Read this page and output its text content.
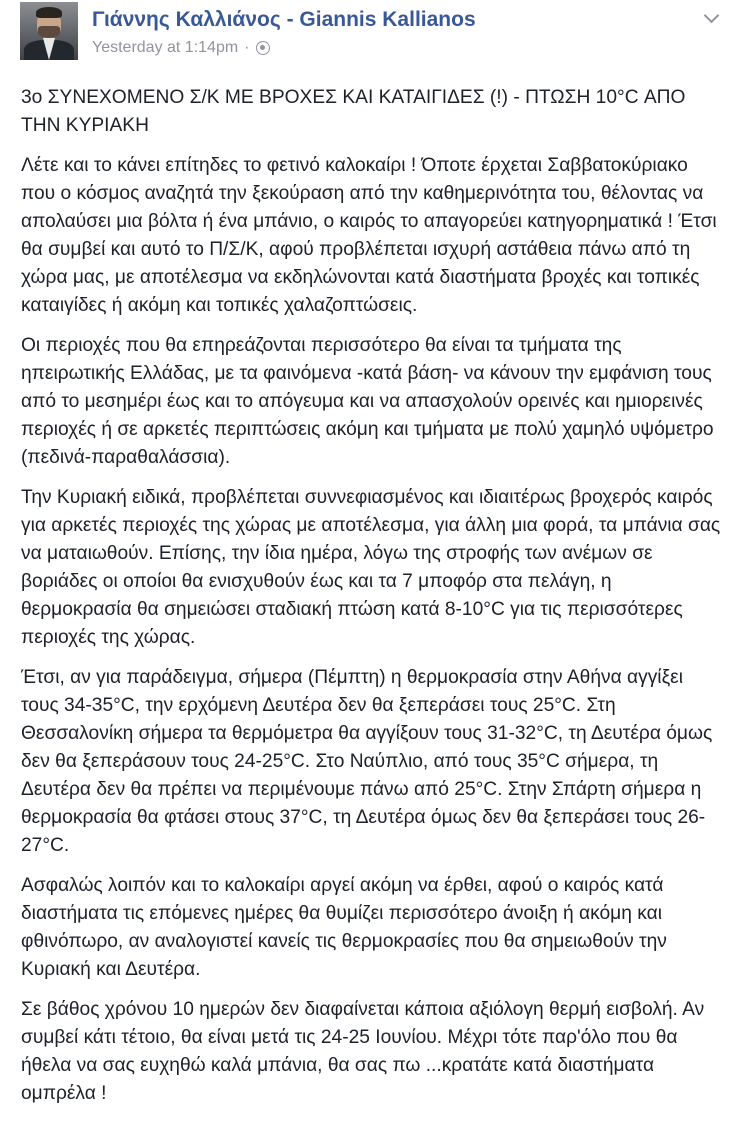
Γιάννης Καλλιάνος - Giannis Kallianos
Yesterday at 1:14pm ·

3ο ΣΥΝΕΧΟΜΕΝΟ Σ/Κ ΜΕ ΒΡΟΧΕΣ ΚΑΙ ΚΑΤΑΙΓΙΔΕΣ (!) - ΠΤΩΣΗ 10°C ΑΠΟ ΤΗΝ ΚΥΡΙΑΚΗ

Λέτε και το κάνει επίτηδες το φετινό καλοκαίρι ! Όποτε έρχεται Σαββατοκύριακο που ο κόσμος αναζητά την ξεκούραση από την καθημερινότητα του, θέλοντας να απολαύσει μια βόλτα ή ένα μπάνιο, ο καιρός το απαγορεύει κατηγορηματικά ! Έτσι θα συμβεί και αυτό το Π/Σ/Κ, αφού προβλέπεται ισχυρή αστάθεια πάνω από τη χώρα μας, με αποτέλεσμα να εκδηλώνονται κατά διαστήματα βροχές και τοπικές καταιγίδες ή ακόμη και τοπικές χαλαζοπτώσεις.

Οι περιοχές που θα επηρεάζονται περισσότερο θα είναι τα τμήματα της ηπειρωτικής Ελλάδας, με τα φαινόμενα -κατά βάση- να κάνουν την εμφάνιση τους από το μεσημέρι έως και το απόγευμα και να απασχολούν ορεινές και ημιορεινές περιοχές ή σε αρκετές περιπτώσεις ακόμη και τμήματα με πολύ χαμηλό υψόμετρο (πεδινά-παραθαλάσσια).

Την Κυριακή ειδικά, προβλέπεται συννεφιασμένος και ιδιαιτέρως βροχερός καιρός για αρκετές περιοχές της χώρας με αποτέλεσμα, για άλλη μια φορά, τα μπάνια σας να ματαιωθούν. Επίσης, την ίδια ημέρα, λόγω της στροφής των ανέμων σε βοριάδες οι οποίοι θα ενισχυθούν έως και τα 7 μποφόρ στα πελάγη, η θερμοκρασία θα σημειώσει σταδιακή πτώση κατά 8-10°C για τις περισσότερες περιοχές της χώρας.

Έτσι, αν για παράδειγμα, σήμερα (Πέμπτη) η θερμοκρασία στην Αθήνα αγγίξει τους 34-35°C, την ερχόμενη Δευτέρα δεν θα ξεπεράσει τους 25°C. Στη Θεσσαλονίκη σήμερα τα θερμόμετρα θα αγγίξουν τους 31-32°C, τη Δευτέρα όμως δεν θα ξεπεράσουν τους 24-25°C. Στο Ναύπλιο, από τους 35°C σήμερα, τη Δευτέρα δεν θα πρέπει να περιμένουμε πάνω από 25°C. Στην Σπάρτη σήμερα η θερμοκρασία θα φτάσει στους 37°C, τη Δευτέρα όμως δεν θα ξεπεράσει τους 26-27°C.

Ασφαλώς λοιπόν και το καλοκαίρι αργεί ακόμη να έρθει, αφού ο καιρός κατά διαστήματα τις επόμενες ημέρες θα θυμίζει περισσότερο άνοιξη ή ακόμη και φθινόπωρο, αν αναλογιστεί κανείς τις θερμοκρασίες που θα σημειωθούν την Κυριακή και Δευτέρα.

Σε βάθος χρόνου 10 ημερών δεν διαφαίνεται κάποια αξιόλογη θερμή εισβολή. Αν συμβεί κάτι τέτοιο, θα είναι μετά τις 24-25 Ιουνίου. Μέχρι τότε παρ'όλο που θα ήθελα να σας ευχηθώ καλά μπάνια, θα σας πω ...κρατάτε κατά διαστήματα ομπρέλα !
